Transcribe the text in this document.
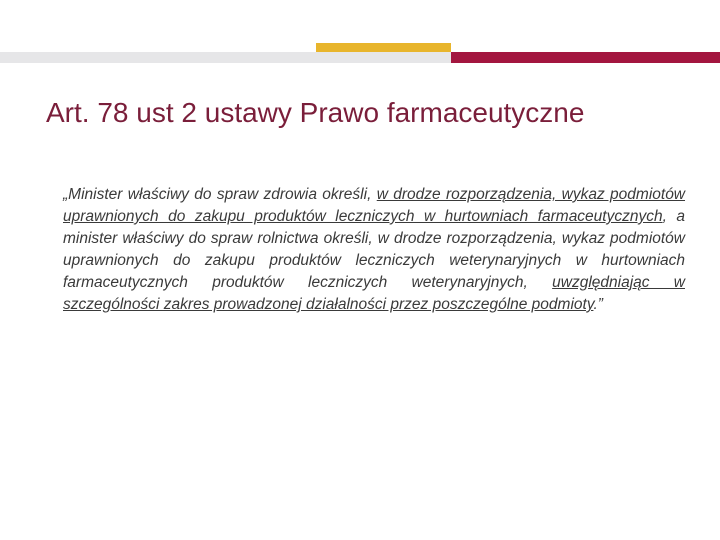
Art. 78 ust 2 ustawy Prawo farmaceutyczne

„Minister właściwy do spraw zdrowia określi, w drodze rozporządzenia, wykaz podmiotów uprawnionych do zakupu produktów leczniczych w hurtowniach farmaceutycznych, a minister właściwy do spraw rolnictwa określi, w drodze rozporządzenia, wykaz podmiotów uprawnionych do zakupu produktów leczniczych weterynaryjnych w hurtowniach farmaceutycznych produktów leczniczych weterynaryjnych, uwzględniając w szczególności zakres prowadzonej działalności przez poszczególne podmioty.”
